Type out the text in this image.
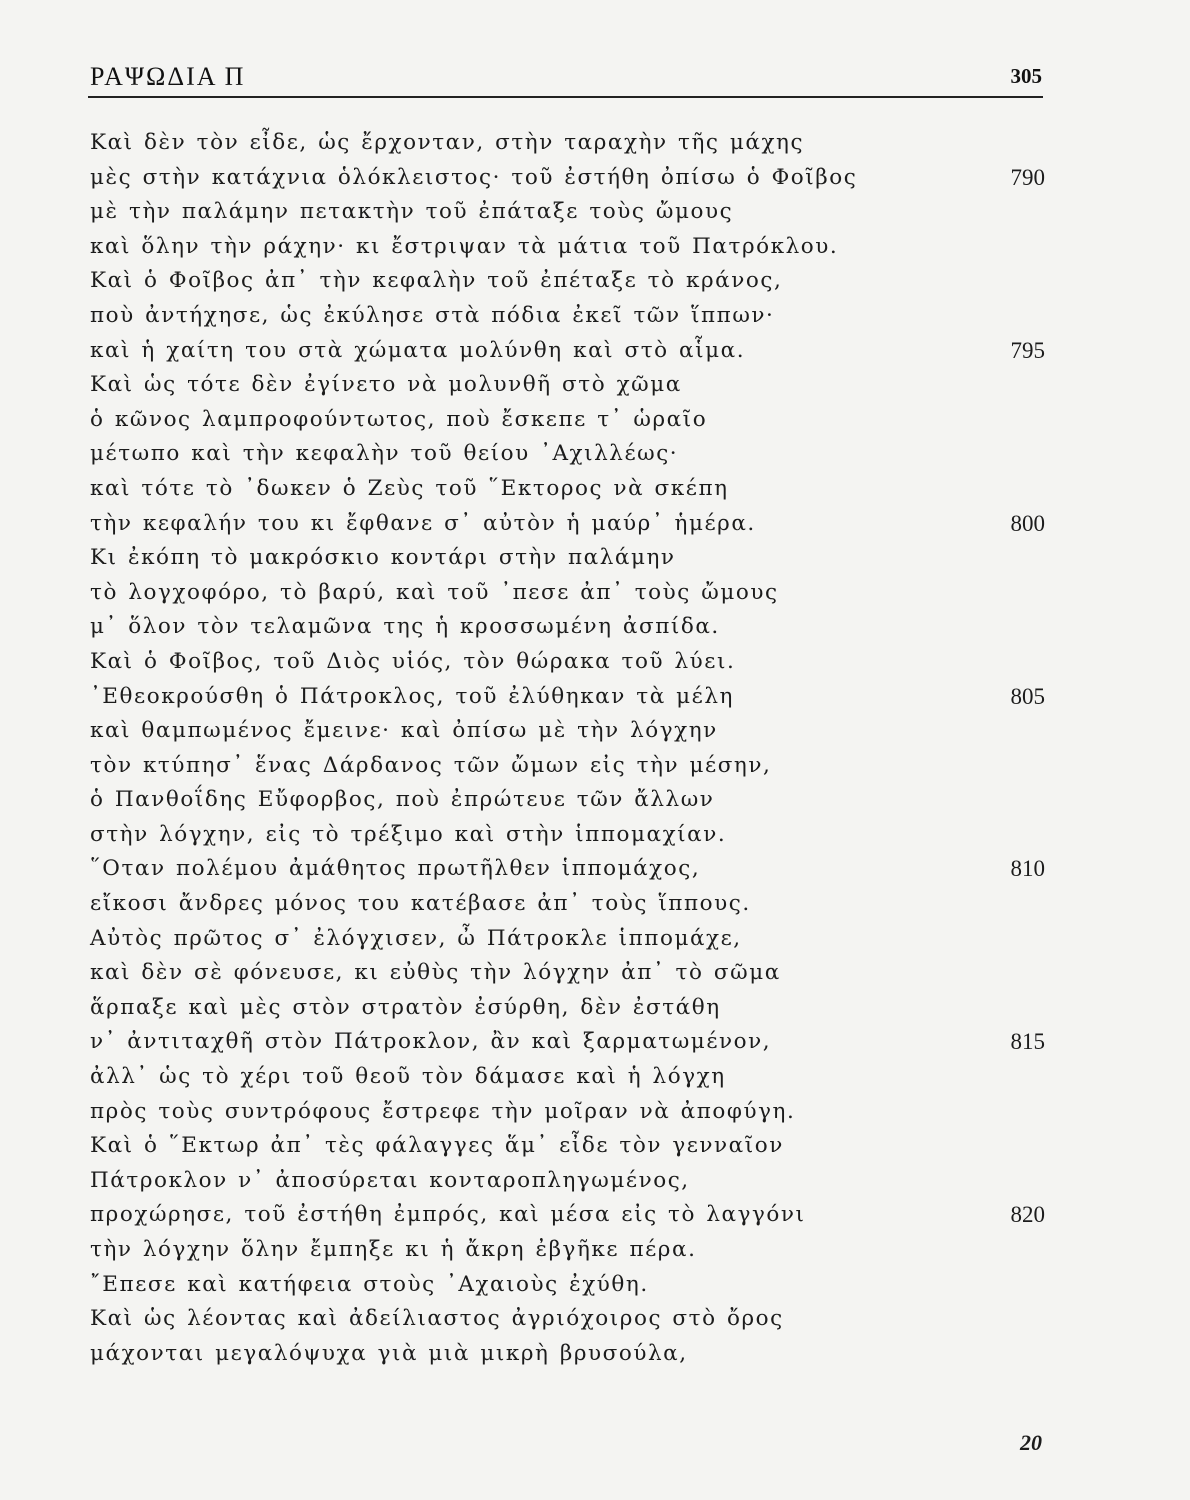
ΡΑΨΩΔΙΑ Π	305
Καὶ δὲν τὸν εἶδε, ὡς ἔρχονταν, στὴν ταραχὴν τῆς μάχης
μὲς στὴν κατάχνια ὁλόκλειστος· τοῦ ἐστήθη ὀπίσω ὁ Φοῖβος	790
μὲ τὴν παλάμην πετακτὴν τοῦ ἐπάταξε τοὺς ὤμους
καὶ ὅλην τὴν ράχην· κι ἔστριψαν τὰ μάτια τοῦ Πατρόκλου.
Καὶ ὁ Φοῖβος ἀπ᾽ τὴν κεφαλὴν τοῦ ἐπέταξε τὸ κράνος,
ποὺ ἀντήχησε, ὡς ἐκύλησε στὰ πόδια ἐκεῖ τῶν ἵππων·
καὶ ἡ χαίτη του στὰ χώματα μολύνθη καὶ στὸ αἷμα.	795
Καὶ ὡς τότε δὲν ἐγίνετο νὰ μολυνθῆ στὸ χῶμα
ὁ κῶνος λαμπροφούντωτος, ποὺ ἔσκεπε τ᾽ ὡραῖο
μέτωπο καὶ τὴν κεφαλὴν τοῦ θείου ᾿Αχιλλέως·
καὶ τότε τὸ ᾽δωκεν ὁ Ζεὺς τοῦ ῞Εκτορος νὰ σκέπη
τὴν κεφαλήν του κι ἔφθανε σ᾽ αὐτὸν ἡ μαύρ᾽ ἡμέρα.	800
Κι ἐκόπη τὸ μακρόσκιο κοντάρι στὴν παλάμην
τὸ λογχοφόρο, τὸ βαρύ, καὶ τοῦ ᾽πεσε ἀπ᾽ τοὺς ὤμους
μ᾽ ὅλον τὸν τελαμῶνα της ἡ κροσσωμένη ἀσπίδα.
Καὶ ὁ Φοῖβος, τοῦ Διὸς υἱός, τὸν θώρακα τοῦ λύει.
᾿Εθεοκρούσθη ὁ Πάτροκλος, τοῦ ἐλύθηκαν τὰ μέλη	805
καὶ θαμπωμένος ἔμεινε· καὶ ὀπίσω μὲ τὴν λόγχην
τὸν κτύπησ᾽ ἕνας Δάρδανος τῶν ὤμων εἰς τὴν μέσην,
ὁ Πανθοΐδης Εὔφορβος, ποὺ ἐπρώτευε τῶν ἄλλων
στὴν λόγχην, εἰς τὸ τρέξιμο καὶ στὴν ἱππομαχίαν.
῞Οταν πολέμου ἀμάθητος πρωτῆλθεν ἱππομάχος,	810
εἴκοσι ἄνδρες μόνος του κατέβασε ἀπ᾽ τοὺς ἵππους.
Αὐτὸς πρῶτος σ᾽ ἐλόγχισεν, ὦ Πάτροκλε ἱππομάχε,
καὶ δὲν σὲ φόνευσε, κι εὐθὺς τὴν λόγχην ἀπ᾽ τὸ σῶμα
ἅρπαξε καὶ μὲς στὸν στρατὸν ἐσύρθη, δὲν ἐστάθη
ν᾽ ἀντιταχθῆ στὸν Πάτροκλον, ἂν καὶ ξαρματωμένον,	815
ἀλλ᾽ ὡς τὸ χέρι τοῦ θεοῦ τὸν δάμασε καὶ ἡ λόγχη
πρὸς τοὺς συντρόφους ἔστρεφε τὴν μοῖραν νὰ ἀποφύγη.
Καὶ ὁ ῞Εκτωρ ἀπ᾽ τὲς φάλαγγες ἅμ᾽ εἶδε τὸν γενναῖον
Πάτροκλον ν᾽ ἀποσύρεται κονταροπληγωμένος,
προχώρησε, τοῦ ἐστήθη ἐμπρός, καὶ μέσα εἰς τὸ λαγγόνι	820
τὴν λόγχην ὅλην ἔμπηξε κι ἡ ἄκρη ἐβγῆκε πέρα.
῎Επεσε καὶ κατήφεια στοὺς ᾿Αχαιοὺς ἐχύθη.
Καὶ ὡς λέοντας καὶ ἀδείλιαστος ἀγριόχοιρος στὸ ὄρος
μάχονται μεγαλόψυχα γιὰ μιὰ μικρὴ βρυσούλα,
20
